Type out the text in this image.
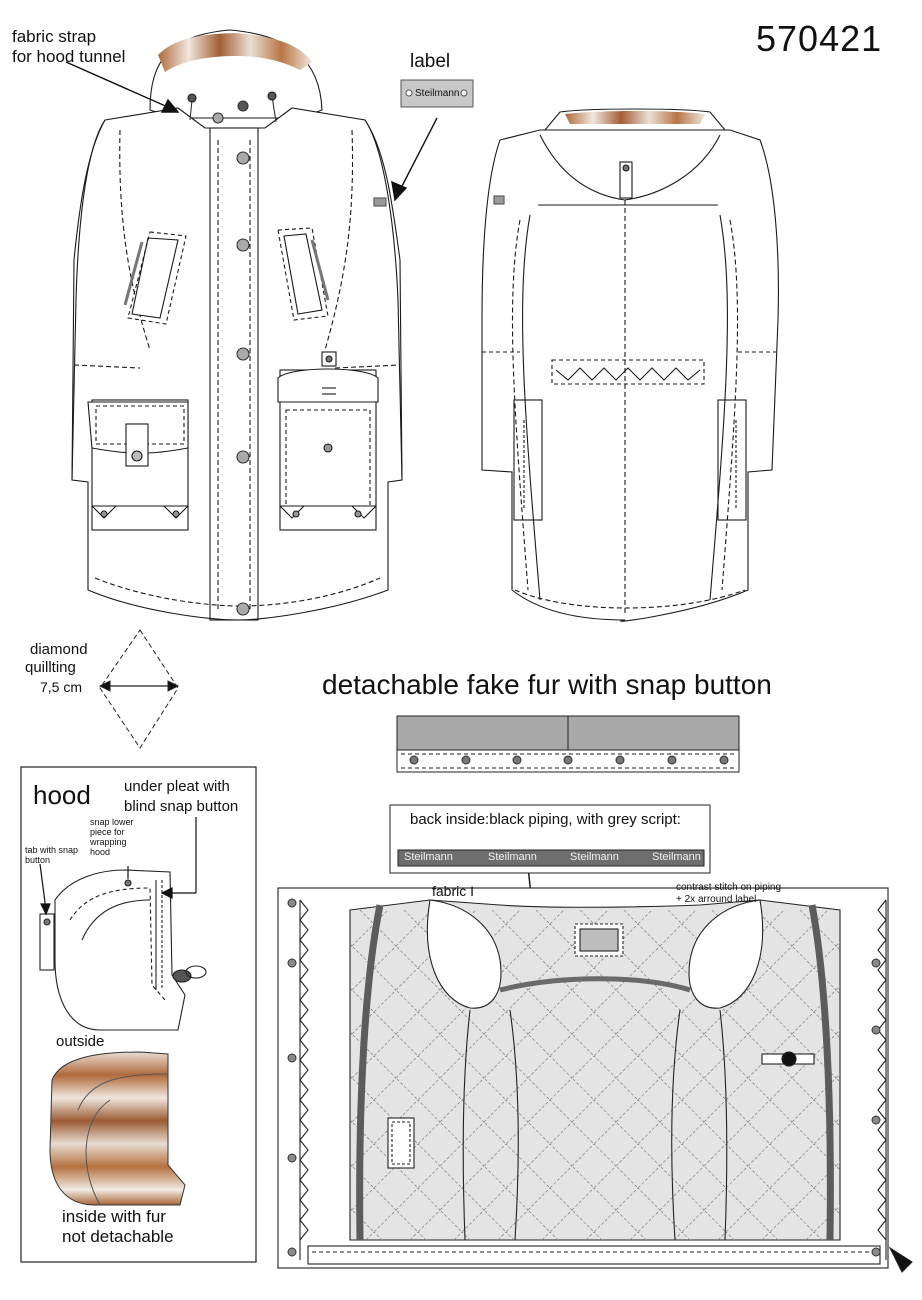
570421
fabric strap
for hood tunnel	label
Steilmann
diamond
quillting
7,5 cm	detachable fake fur with snap button
back inside:black piping, with grey script:
Steilmann	Steilmann	Steilmann	Steilmann
fabric I	contrast stitch on piping
+ 2x arround label
hood under pleat with
blind snap button
snap lower
piece for
wrapping
hood
tab with snap
button
outside
inside with fur
not detachable
